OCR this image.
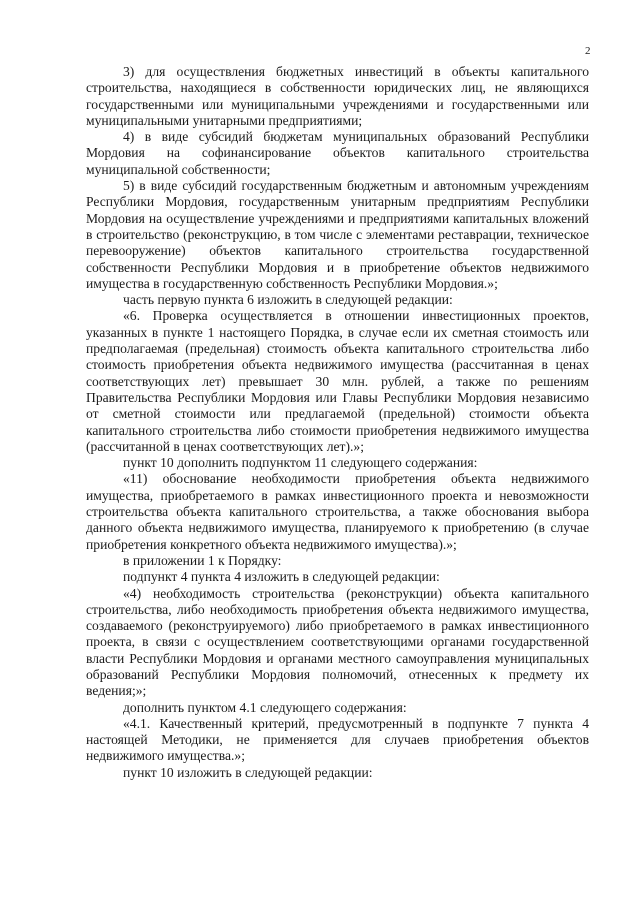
2

3) для осуществления бюджетных инвестиций в объекты капитального строительства, находящиеся в собственности юридических лиц, не являющихся государственными или муниципальными учреждениями и государственными или муниципальными унитарными предприятиями;

4) в виде субсидий бюджетам муниципальных образований Республики Мордовия на софинансирование объектов капитального строительства муниципальной собственности;

5) в виде субсидий государственным бюджетным и автономным учреждениям Республики Мордовия, государственным унитарным предприятиям Республики Мордовия на осуществление учреждениями и предприятиями капитальных вложений в строительство (реконструкцию, в том числе с элементами реставрации, техническое перевооружение) объектов капитального строительства государственной собственности Республики Мордовия и в приобретение объектов недвижимого имущества в государственную собственность Республики Мордовия.»;

часть первую пункта 6 изложить в следующей редакции:

«6. Проверка осуществляется в отношении инвестиционных проектов, указанных в пункте 1 настоящего Порядка, в случае если их сметная стоимость или предполагаемая (предельная) стоимость объекта капитального строительства либо стоимость приобретения объекта недвижимого имущества (рассчитанная в ценах соответствующих лет) превышает 30 млн. рублей, а также по решениям Правительства Республики Мордовия или Главы Республики Мордовия независимо от сметной стоимости или предлагаемой (предельной) стоимости объекта капитального строительства либо стоимости приобретения недвижимого имущества (рассчитанной в ценах соответствующих лет).»;

пункт 10 дополнить подпунктом 11 следующего содержания:

«11) обоснование необходимости приобретения объекта недвижимого имущества, приобретаемого в рамках инвестиционного проекта и невозможности строительства объекта капитального строительства, а также обоснования выбора данного объекта недвижимого имущества, планируемого к приобретению (в случае приобретения конкретного объекта недвижимого имущества).»;

в приложении 1 к Порядку:

подпункт 4 пункта 4 изложить в следующей редакции:

«4) необходимость строительства (реконструкции) объекта капитального строительства, либо необходимость приобретения объекта недвижимого имущества, создаваемого (реконструируемого) либо приобретаемого в рамках инвестиционного проекта, в связи с осуществлением соответствующими органами государственной власти Республики Мордовия и органами местного самоуправления муниципальных образований Республики Мордовия полномочий, отнесенных к предмету их ведения;»;

дополнить пунктом 4.1 следующего содержания:

«4.1. Качественный критерий, предусмотренный в подпункте 7 пункта 4 настоящей Методики, не применяется для случаев приобретения объектов недвижимого имущества.»;

пункт 10 изложить в следующей редакции:
